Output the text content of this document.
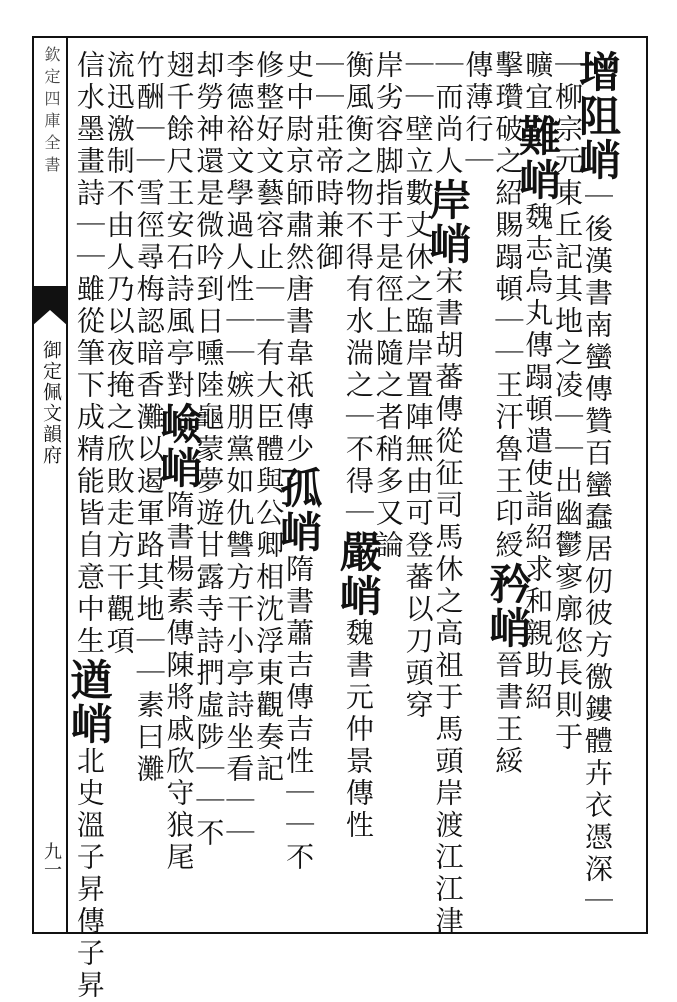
欽定四庫全書
御定佩文韻府
九一
增阻峭｜後漢書南蠻傳贊百蠻蠢居仞彼方徼鏤體卉衣憑深｜
｜柳宗元東丘記其地之凌｜｜出幽鬱寥廓悠長則于
曠宜難峭魏志烏丸傳蹋頓遣使詣紹求和親助紹
擊瓚破之紹賜蹋頓｜｜王汗魯王印綬矜峭晉書王綏
傳薄行｜
｜而尚人岸峭宋書胡蕃傳從征司馬休之高祖于馬頭岸渡江江津
｜｜壁立數丈休之臨岸置陣無由可登蕃以刀頭穿
岸劣容脚指于是徑上隨之者稍多又論
衡風衡之物不得有水湍之｜不得｜嚴峭魏書元仲景傳性
｜｜莊帝時兼御
史中尉京師肅然唐書韋祇傳少孤峭隋書蕭吉傳吉性｜｜不
修整好文藝容止｜｜有大臣體與公卿相沈浮東觀奏記
李德裕文學過人性｜｜嫉朋黨如仇讐方干小亭詩坐看｜｜
却勞神還是微吟到日曛陸龜蒙夢遊甘露寺詩捫虛陟｜｜不
翅千餘尺王安石詩風亭對嶮峭隋書楊素傳陳將戚欣守狼尾
竹酬｜｜雪徑尋梅認暗香灘以遏軍路其地｜｜素曰灘
流迅激制不由人乃以夜掩之欣敗走方干觀項
信水墨畫詩｜｜雖從筆下成精能皆自意中生遒峭北史溫子昇傳子昇
